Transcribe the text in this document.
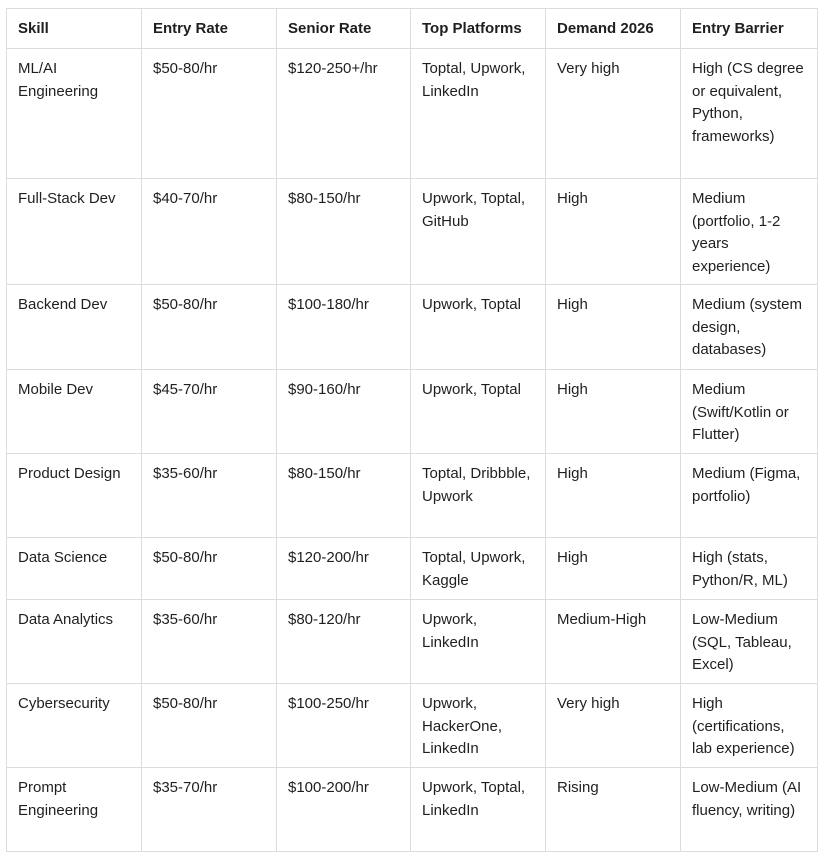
Skill	Entry Rate	Senior Rate	Top Platforms	Demand 2026	Entry Barrier
ML/AI Engineering	$50-80/hr	$120-250+/hr	Toptal, Upwork, LinkedIn	Very high	High (CS degree or equivalent, Python, frameworks)
Full-Stack Dev	$40-70/hr	$80-150/hr	Upwork, Toptal, GitHub	High	Medium (portfolio, 1-2 years experience)
Backend Dev	$50-80/hr	$100-180/hr	Upwork, Toptal	High	Medium (system design, databases)
Mobile Dev	$45-70/hr	$90-160/hr	Upwork, Toptal	High	Medium (Swift/Kotlin or Flutter)
Product Design	$35-60/hr	$80-150/hr	Toptal, Dribbble, Upwork	High	Medium (Figma, portfolio)
Data Science	$50-80/hr	$120-200/hr	Toptal, Upwork, Kaggle	High	High (stats, Python/R, ML)
Data Analytics	$35-60/hr	$80-120/hr	Upwork, LinkedIn	Medium-High	Low-Medium (SQL, Tableau, Excel)
Cybersecurity	$50-80/hr	$100-250/hr	Upwork, HackerOne, LinkedIn	Very high	High (certifications, lab experience)
Prompt Engineering	$35-70/hr	$100-200/hr	Upwork, Toptal, LinkedIn	Rising	Low-Medium (AI fluency, writing)
